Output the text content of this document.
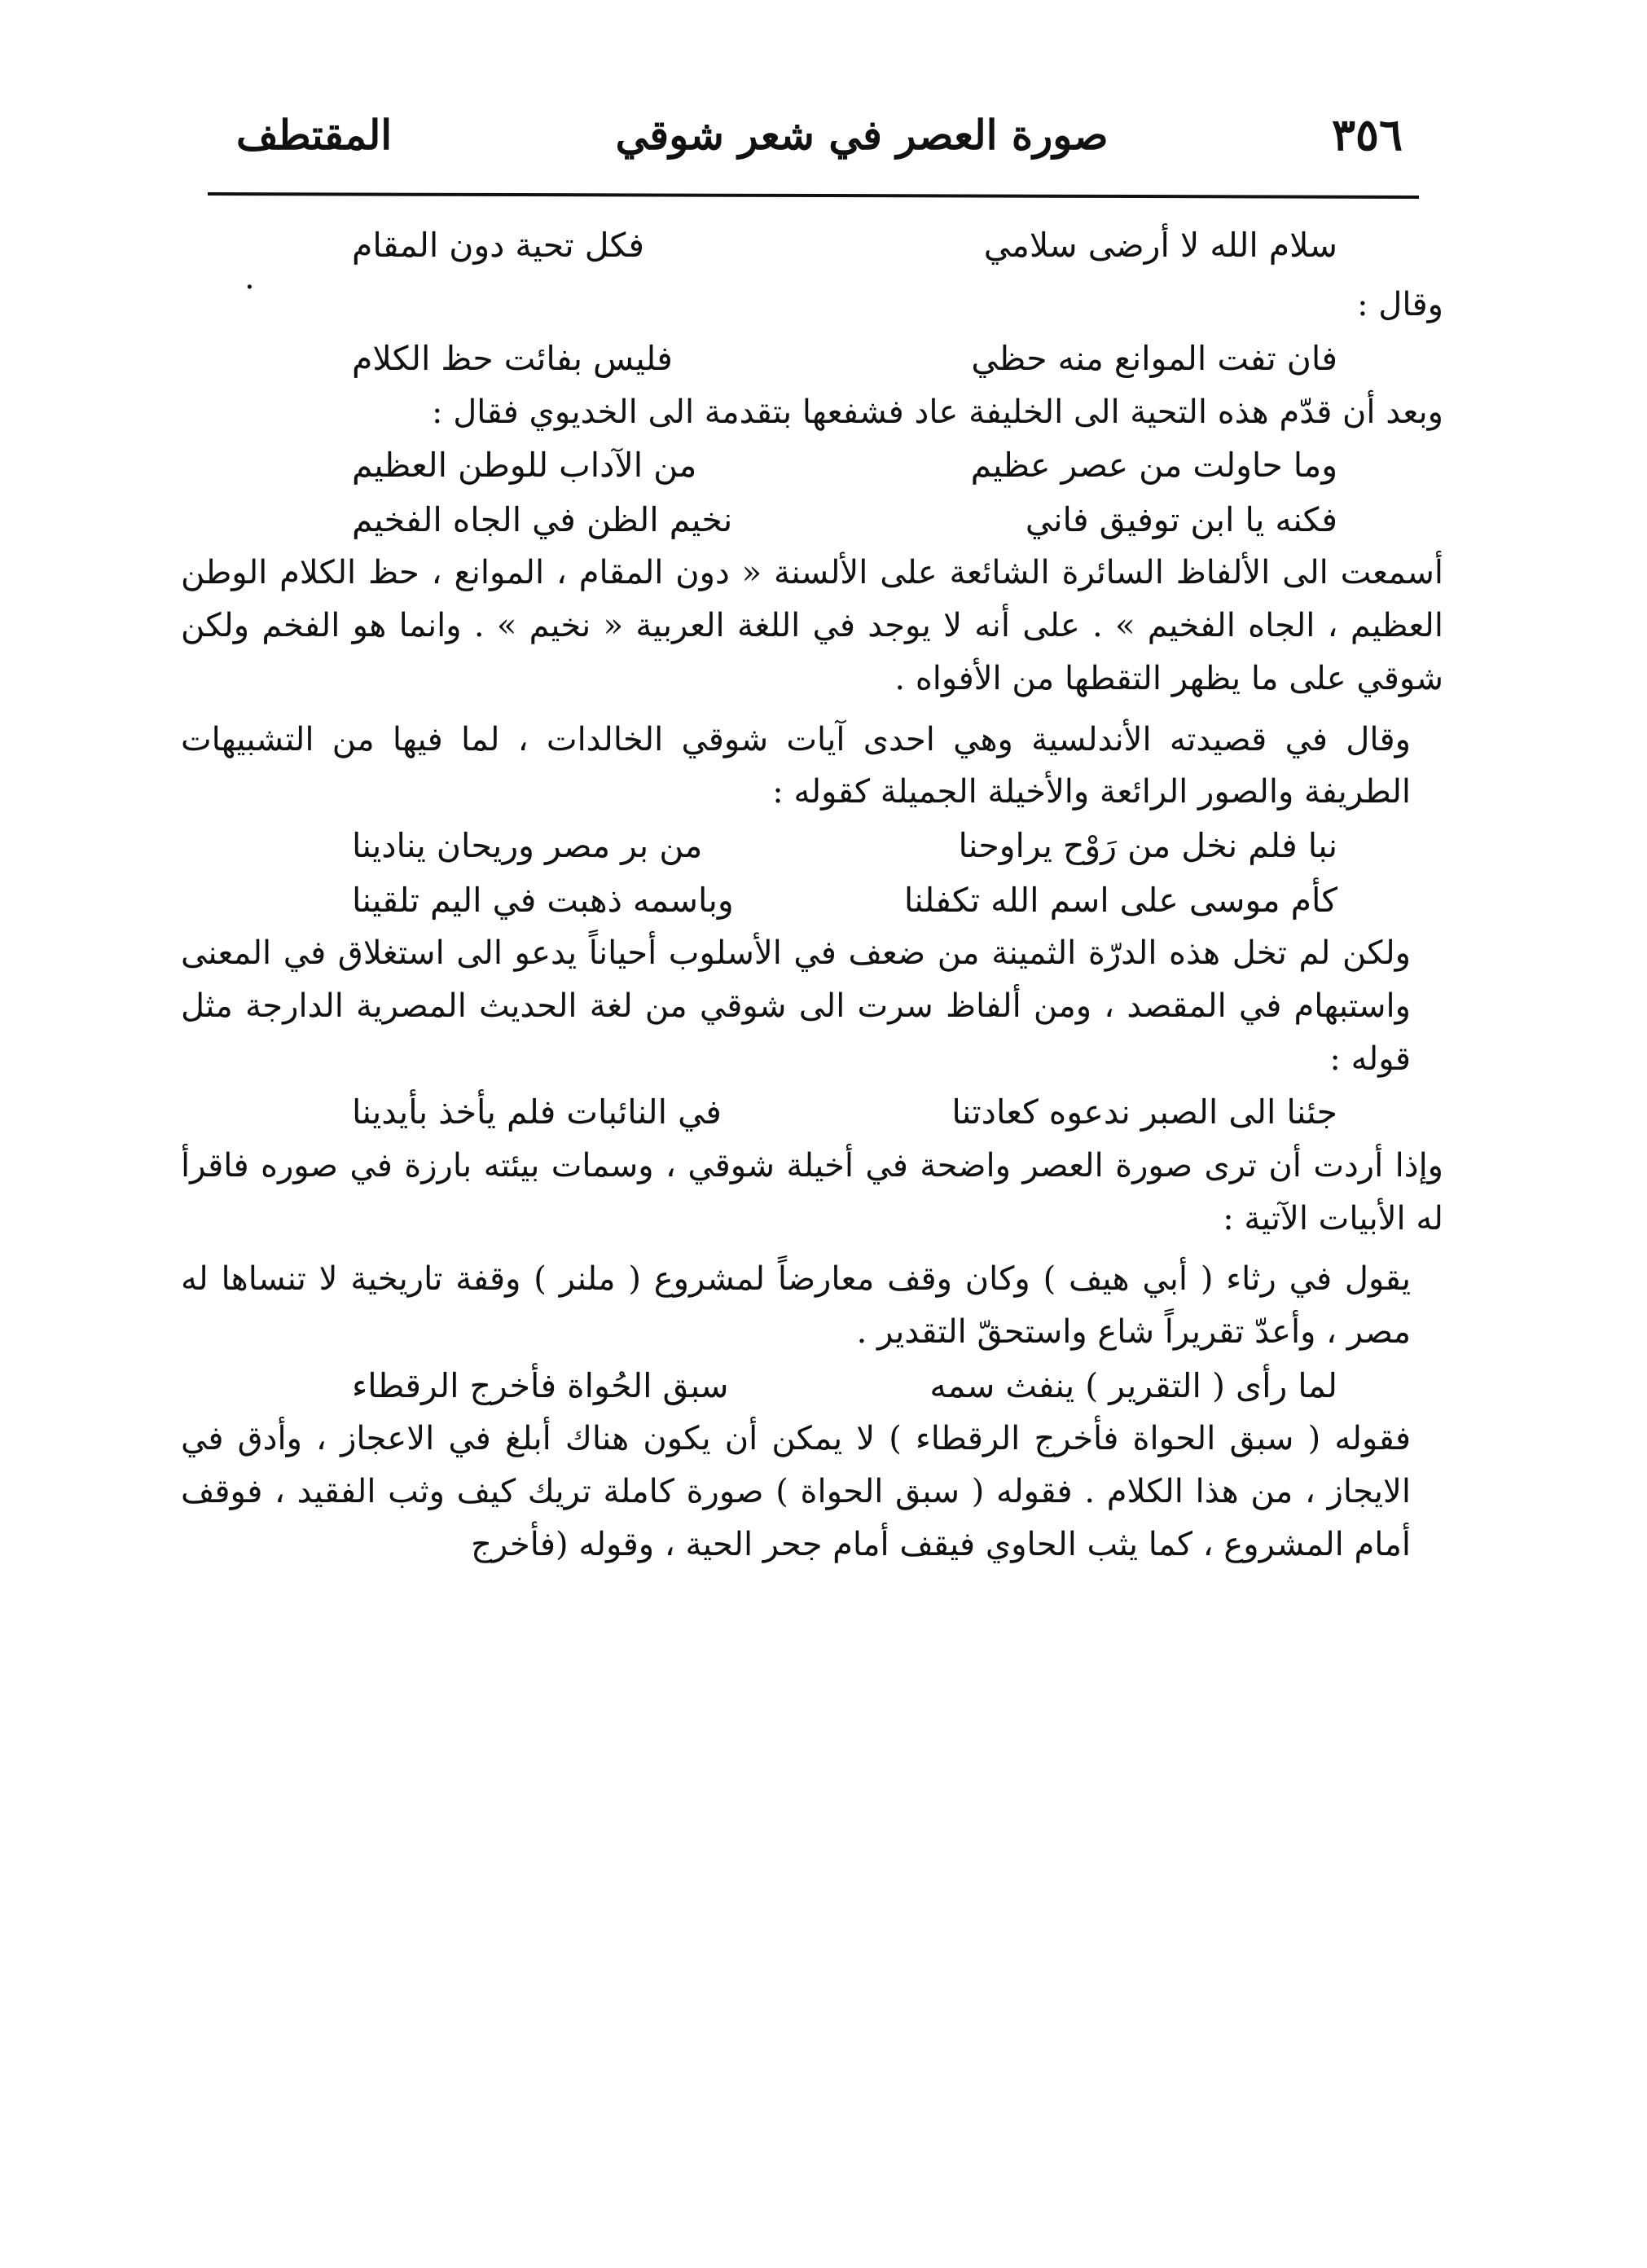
٣٥٦
صورة العصر في شعر شوقي
المقتطف
.
سلام الله لا أرضى سلامي
فكل تحية دون المقام

وقال :

فان تفت الموانع منه حظي
فليس بفائت حظ الكلام

وبعد أن قدّم هذه التحية الى الخليفة عاد فشفعها بتقدمة الى الخديوي فقال :

وما حاولت من عصر عظيم
من الآداب للوطن العظيم
فكنه يا ابن توفيق فاني
نخيم الظن في الجاه الفخيم

أسمعت الى الألفاظ السائرة الشائعة على الألسنة « دون المقام ، الموانع ، حظ الكلام الوطن العظيم ، الجاه الفخيم » . على أنه لا يوجد في اللغة العربية « نخيم » . وانما هو الفخم ولكن شوقي على ما يظهر التقطها من الأفواه .

وقال في قصيدته الأندلسية وهي احدى آيات شوقي الخالدات ، لما فيها من التشبيهات الطريفة والصور الرائعة والأخيلة الجميلة كقوله :

نبا فلم نخل من رَوْح يراوحنا
من بر مصر وريحان ينادينا
كأم موسى على اسم الله تكفلنا
وباسمه ذهبت في اليم تلقينا

ولكن لم تخل هذه الدرّة الثمينة من ضعف في الأسلوب أحياناً يدعو الى استغلاق في المعنى واستبهام في المقصد ، ومن ألفاظ سرت الى شوقي من لغة الحديث المصرية الدارجة مثل قوله :

جئنا الى الصبر ندعوه كعادتنا
في النائبات فلم يأخذ بأيدينا

وإذا أردت أن ترى صورة العصر واضحة في أخيلة شوقي ، وسمات بيئته بارزة في صوره فاقرأ له الأبيات الآتية :

يقول في رثاء ( أبي هيف ) وكان وقف معارضاً لمشروع ( ملنر ) وقفة تاريخية لا تنساها له مصر ، وأعدّ تقريراً شاع واستحقّ التقدير .

لما رأى ( التقرير ) ينفث سمه
سبق الحُواة فأخرج الرقطاء

فقوله ( سبق الحواة فأخرج الرقطاء ) لا يمكن أن يكون هناك أبلغ في الاعجاز ، وأدق في الايجاز ، من هذا الكلام . فقوله ( سبق الحواة ) صورة كاملة تريك كيف وثب الفقيد ، فوقف أمام المشروع ، كما يثب الحاوي فيقف أمام جحر الحية ، وقوله (فأخرج
